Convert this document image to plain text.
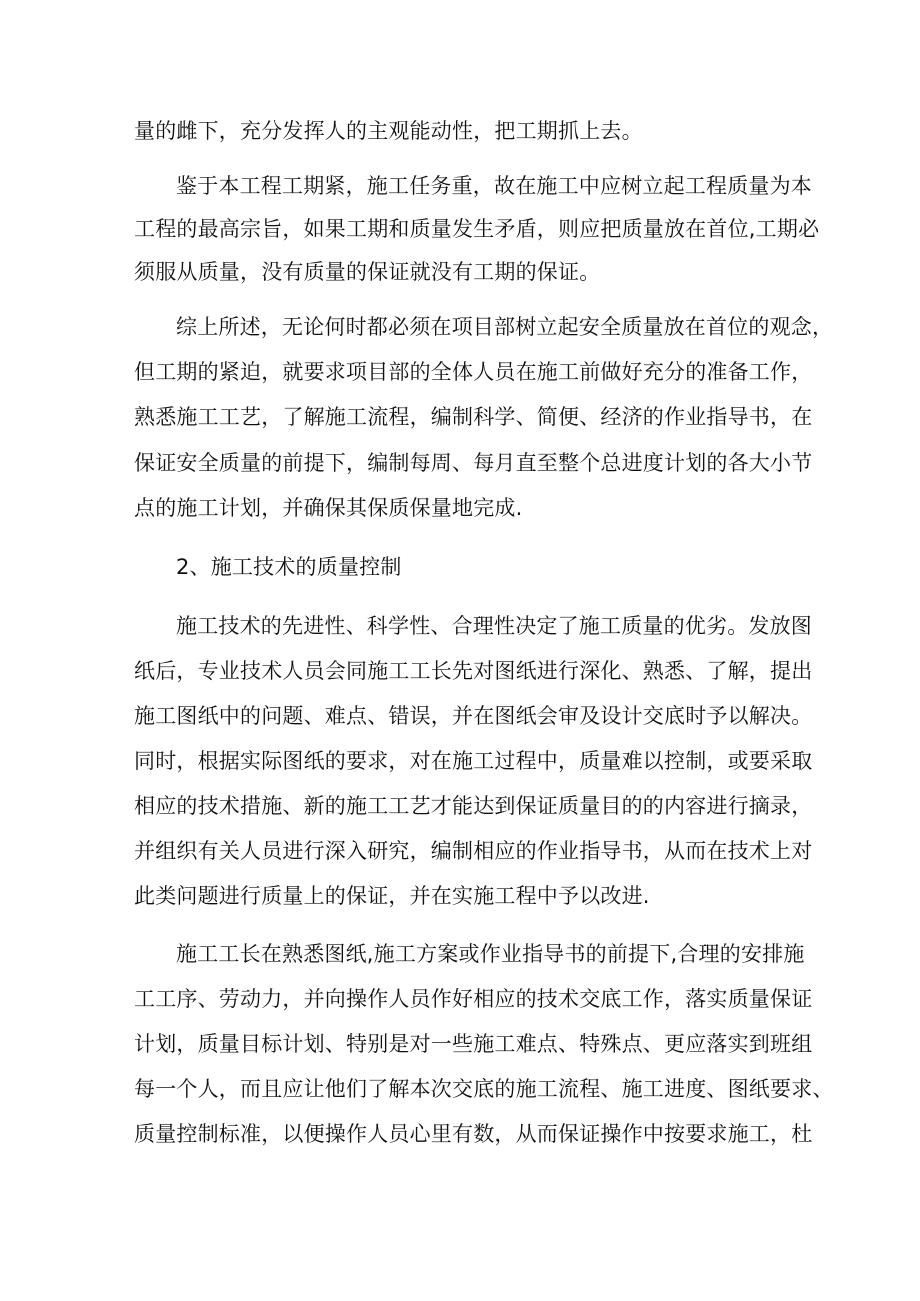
量的雌下，充分发挥人的主观能动性，把工期抓上去。
鉴于本工程工期紧，施工任务重，故在施工中应树立起工程质量为本
工程的最高宗旨，如果工期和质量发生矛盾，则应把质量放在首位,工期必
须服从质量，没有质量的保证就没有工期的保证。
综上所述，无论何时都必须在项目部树立起安全质量放在首位的观念，
但工期的紧迫，就要求项目部的全体人员在施工前做好充分的准备工作，
熟悉施工工艺，了解施工流程，编制科学、简便、经济的作业指导书，在
保证安全质量的前提下，编制每周、每月直至整个总进度计划的各大小节
点的施工计划，并确保其保质保量地完成.
2、施工技术的质量控制
施工技术的先进性、科学性、合理性决定了施工质量的优劣。发放图
纸后，专业技术人员会同施工工长先对图纸进行深化、熟悉、了解，提出
施工图纸中的问题、难点、错误，并在图纸会审及设计交底时予以解决。
同时，根据实际图纸的要求，对在施工过程中，质量难以控制，或要采取
相应的技术措施、新的施工工艺才能达到保证质量目的的内容进行摘录，
并组织有关人员进行深入研究，编制相应的作业指导书，从而在技术上对
此类问题进行质量上的保证，并在实施工程中予以改进.
施工工长在熟悉图纸,施工方案或作业指导书的前提下,合理的安排施
工工序、劳动力，并向操作人员作好相应的技术交底工作，落实质量保证
计划，质量目标计划、特别是对一些施工难点、特殊点、更应落实到班组
每一个人，而且应让他们了解本次交底的施工流程、施工进度、图纸要求、
质量控制标准，以便操作人员心里有数，从而保证操作中按要求施工，杜
